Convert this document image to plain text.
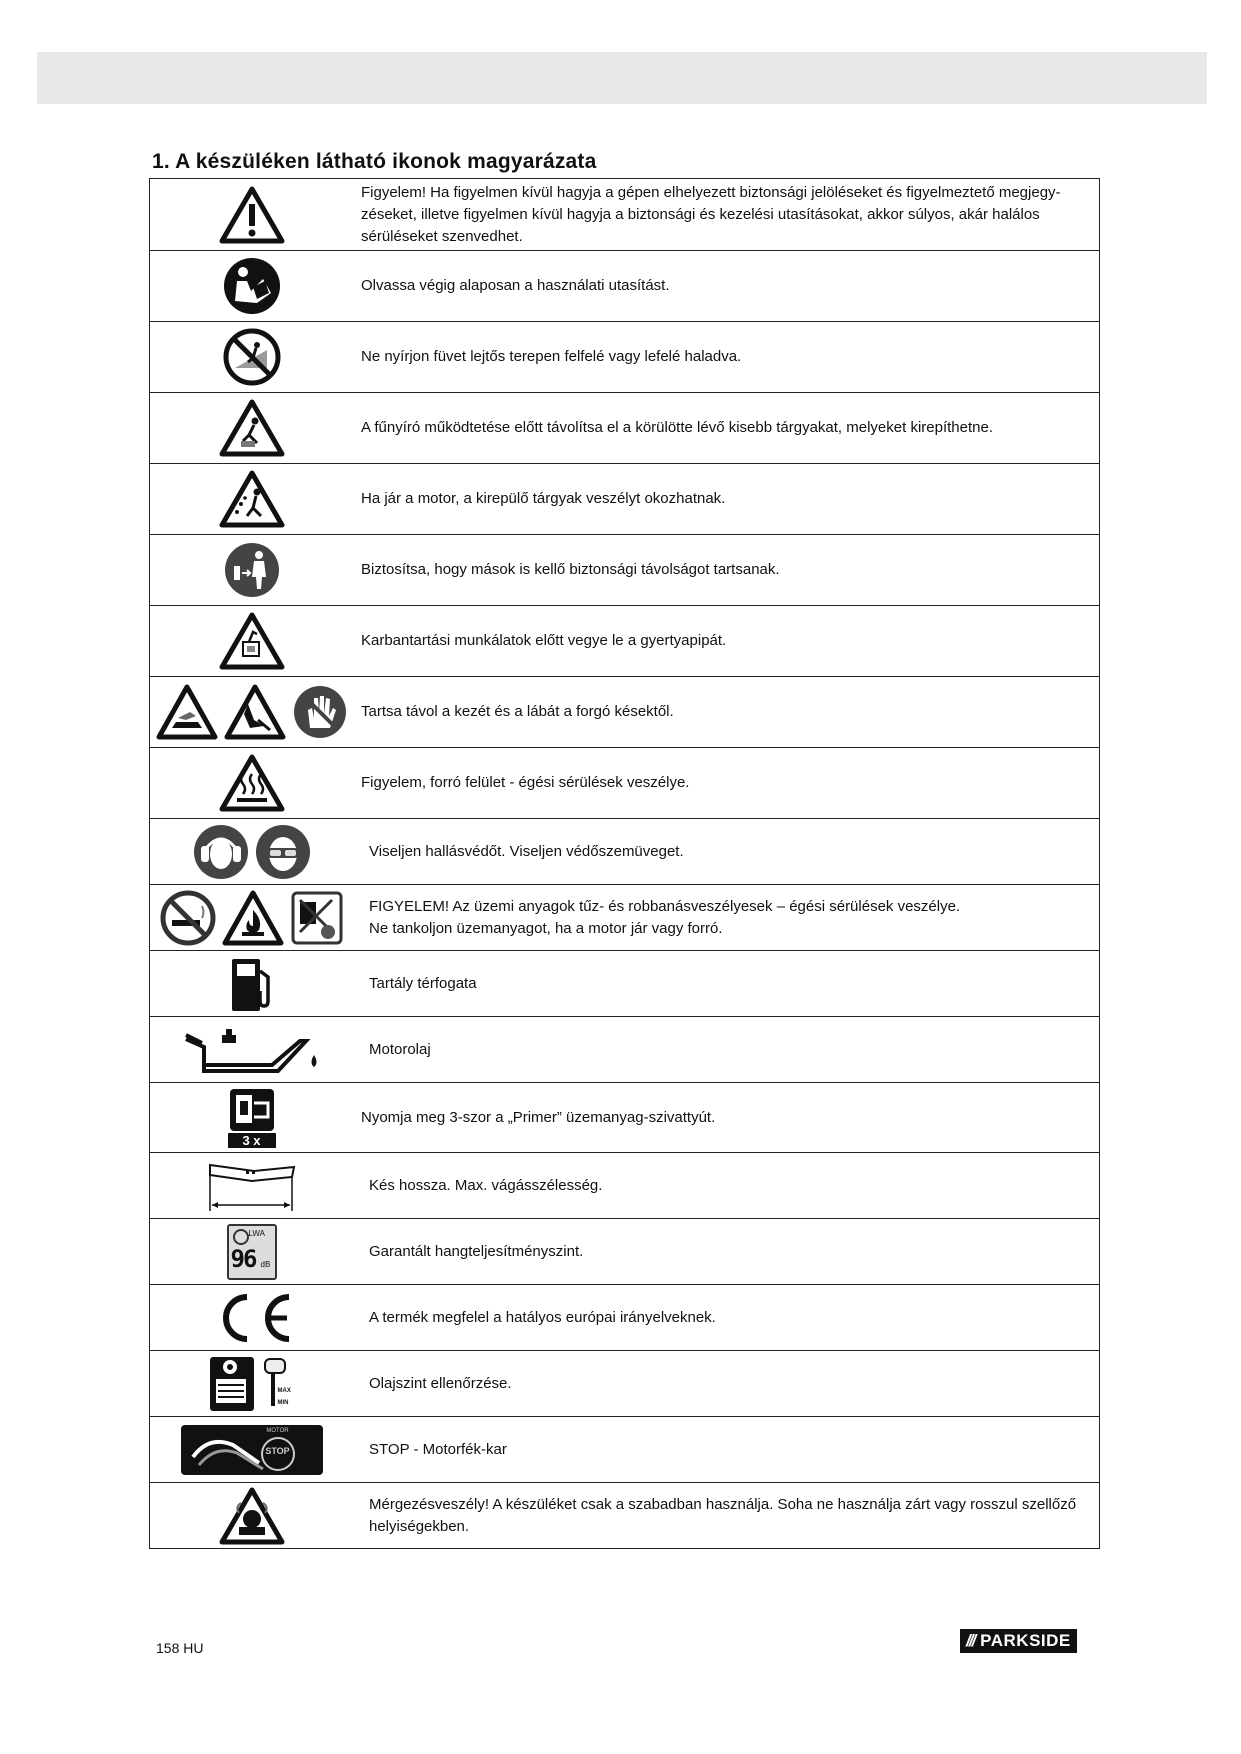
1. A készüléken látható ikonok magyarázata

Figyelem! Ha figyelmen kívül hagyja a gépen elhelyezett biztonsági jelöléseket és figyelmeztető megjegy-
zéseket, illetve figyelmen kívül hagyja a biztonsági és kezelési utasításokat, akkor súlyos, akár halálos
sérüléseket szenvedhet.

Olvassa végig alaposan a használati utasítást.

Ne nyírjon füvet lejtős terepen felfelé vagy lefelé haladva.

A fűnyíró működtetése előtt távolítsa el a körülötte lévő kisebb tárgyakat, melyeket kirepíthetne.

Ha jár a motor, a kirepülő tárgyak veszélyt okozhatnak.

Biztosítsa, hogy mások is kellő biztonsági távolságot tartsanak.

Karbantartási munkálatok előtt vegye le a gyertyapipát.

Tartsa távol a kezét és a lábát a forgó késektől.

Figyelem, forró felület - égési sérülések veszélye.

Viseljen hallásvédőt. Viseljen védőszemüveget.

FIGYELEM! Az üzemi anyagok tűz- és robbanásveszélyesek – égési sérülések veszélye.
Ne tankoljon üzemanyagot, ha a motor jár vagy forró.

Tartály térfogata

Motorolaj

3 x	Nyomja meg 3-szor a „Primer” üzemanyag-szivattyút.

Kés hossza. Max. vágásszélesség.

LWA
96 dB	Garantált hangteljesítményszint.

A termék megfelel a hatályos európai irányelveknek.

MAX
MIN	Olajszint ellenőrzése.

MOTOR
STOP	STOP - Motorfék-kar

Mérgezésveszély! A készüléket csak a szabadban használja. Soha ne használja zárt vagy rosszul szellőző
helyiségekben.
158 HU	/// PARKSIDE
